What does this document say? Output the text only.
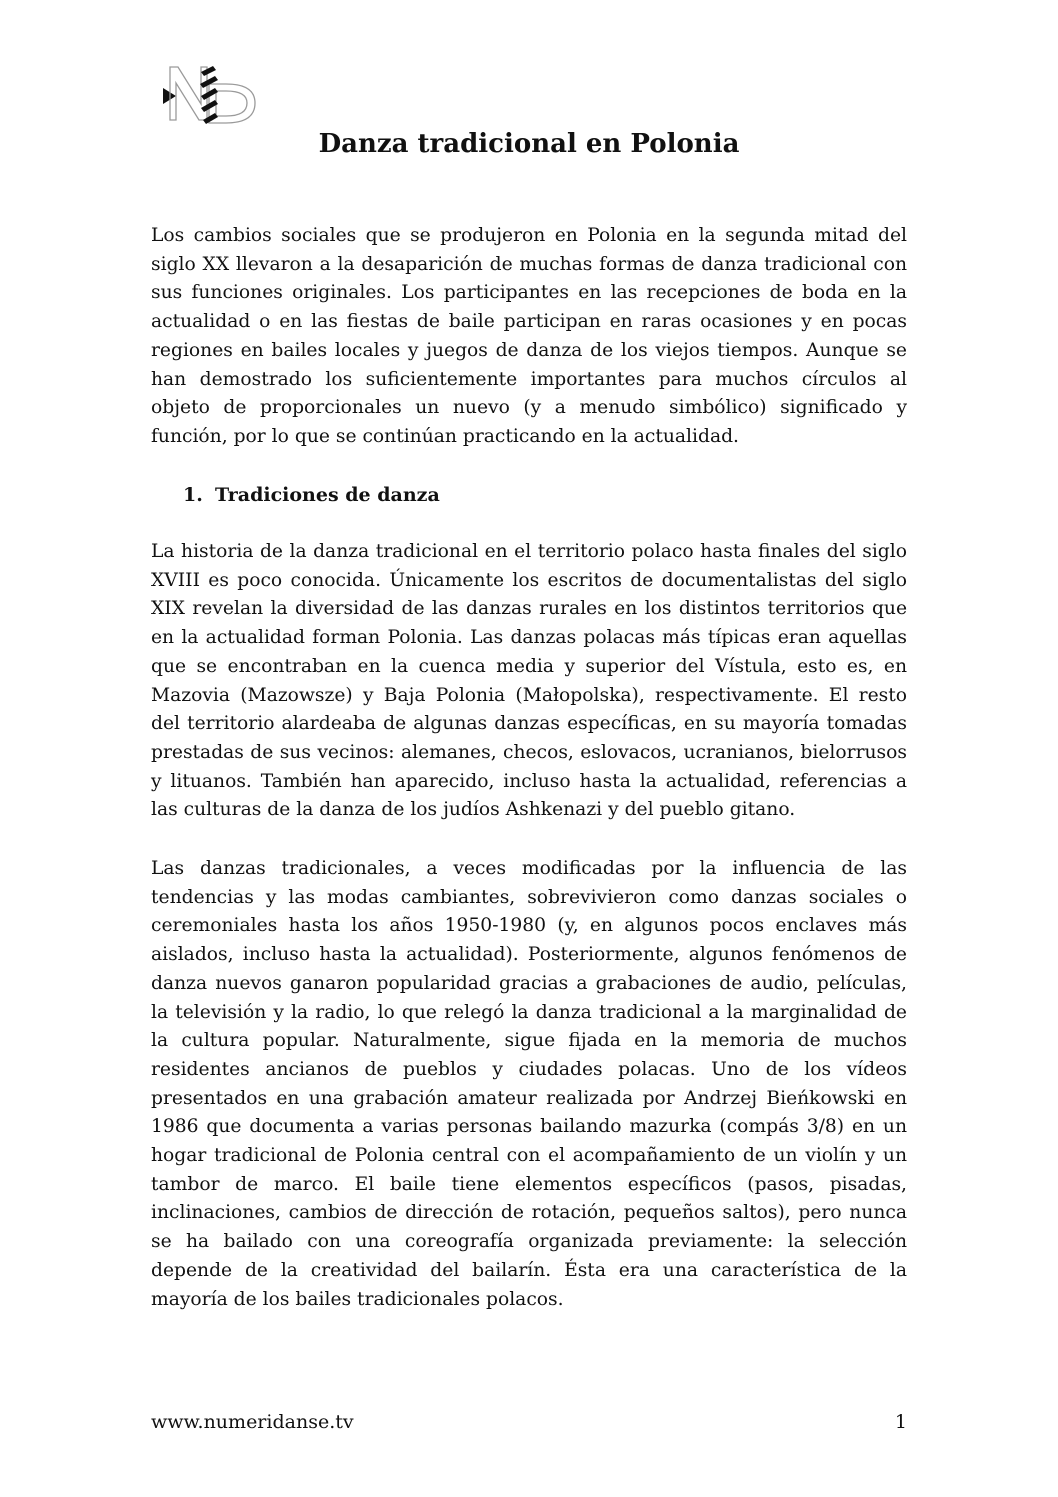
Danza tradicional en Polonia

Los cambios sociales que se produjeron en Polonia en la segunda mitad del siglo XX llevaron a la desaparición de muchas formas de danza tradicional con sus funciones originales. Los participantes en las recepciones de boda en la actualidad o en las fiestas de baile participan en raras ocasiones y en pocas regiones en bailes locales y juegos de danza de los viejos tiempos. Aunque se han demostrado los suficientemente importantes para muchos círculos al objeto de proporcionales un nuevo (y a menudo simbólico) significado y función, por lo que se continúan practicando en la actualidad.

1. Tradiciones de danza

La historia de la danza tradicional en el territorio polaco hasta finales del siglo XVIII es poco conocida. Únicamente los escritos de documentalistas del siglo XIX revelan la diversidad de las danzas rurales en los distintos territorios que en la actualidad forman Polonia. Las danzas polacas más típicas eran aquellas que se encontraban en la cuenca media y superior del Vístula, esto es, en Mazovia (Mazowsze) y Baja Polonia (Małopolska), respectivamente. El resto del territorio alardeaba de algunas danzas específicas, en su mayoría tomadas prestadas de sus vecinos: alemanes, checos, eslovacos, ucranianos, bielorrusos y lituanos. También han aparecido, incluso hasta la actualidad, referencias a las culturas de la danza de los judíos Ashkenazi y del pueblo gitano.

Las danzas tradicionales, a veces modificadas por la influencia de las tendencias y las modas cambiantes, sobrevivieron como danzas sociales o ceremoniales hasta los años 1950-1980 (y, en algunos pocos enclaves más aislados, incluso hasta la actualidad). Posteriormente, algunos fenómenos de danza nuevos ganaron popularidad gracias a grabaciones de audio, películas, la televisión y la radio, lo que relegó la danza tradicional a la marginalidad de la cultura popular. Naturalmente, sigue fijada en la memoria de muchos residentes ancianos de pueblos y ciudades polacas. Uno de los vídeos presentados en una grabación amateur realizada por Andrzej Bieńkowski en 1986 que documenta a varias personas bailando mazurka (compás 3/8) en un hogar tradicional de Polonia central con el acompañamiento de un violín y un tambor de marco. El baile tiene elementos específicos (pasos, pisadas, inclinaciones, cambios de dirección de rotación, pequeños saltos), pero nunca se ha bailado con una coreografía organizada previamente: la selección depende de la creatividad del bailarín. Ésta era una característica de la mayoría de los bailes tradicionales polacos.

www.numeridanse.tv	1
